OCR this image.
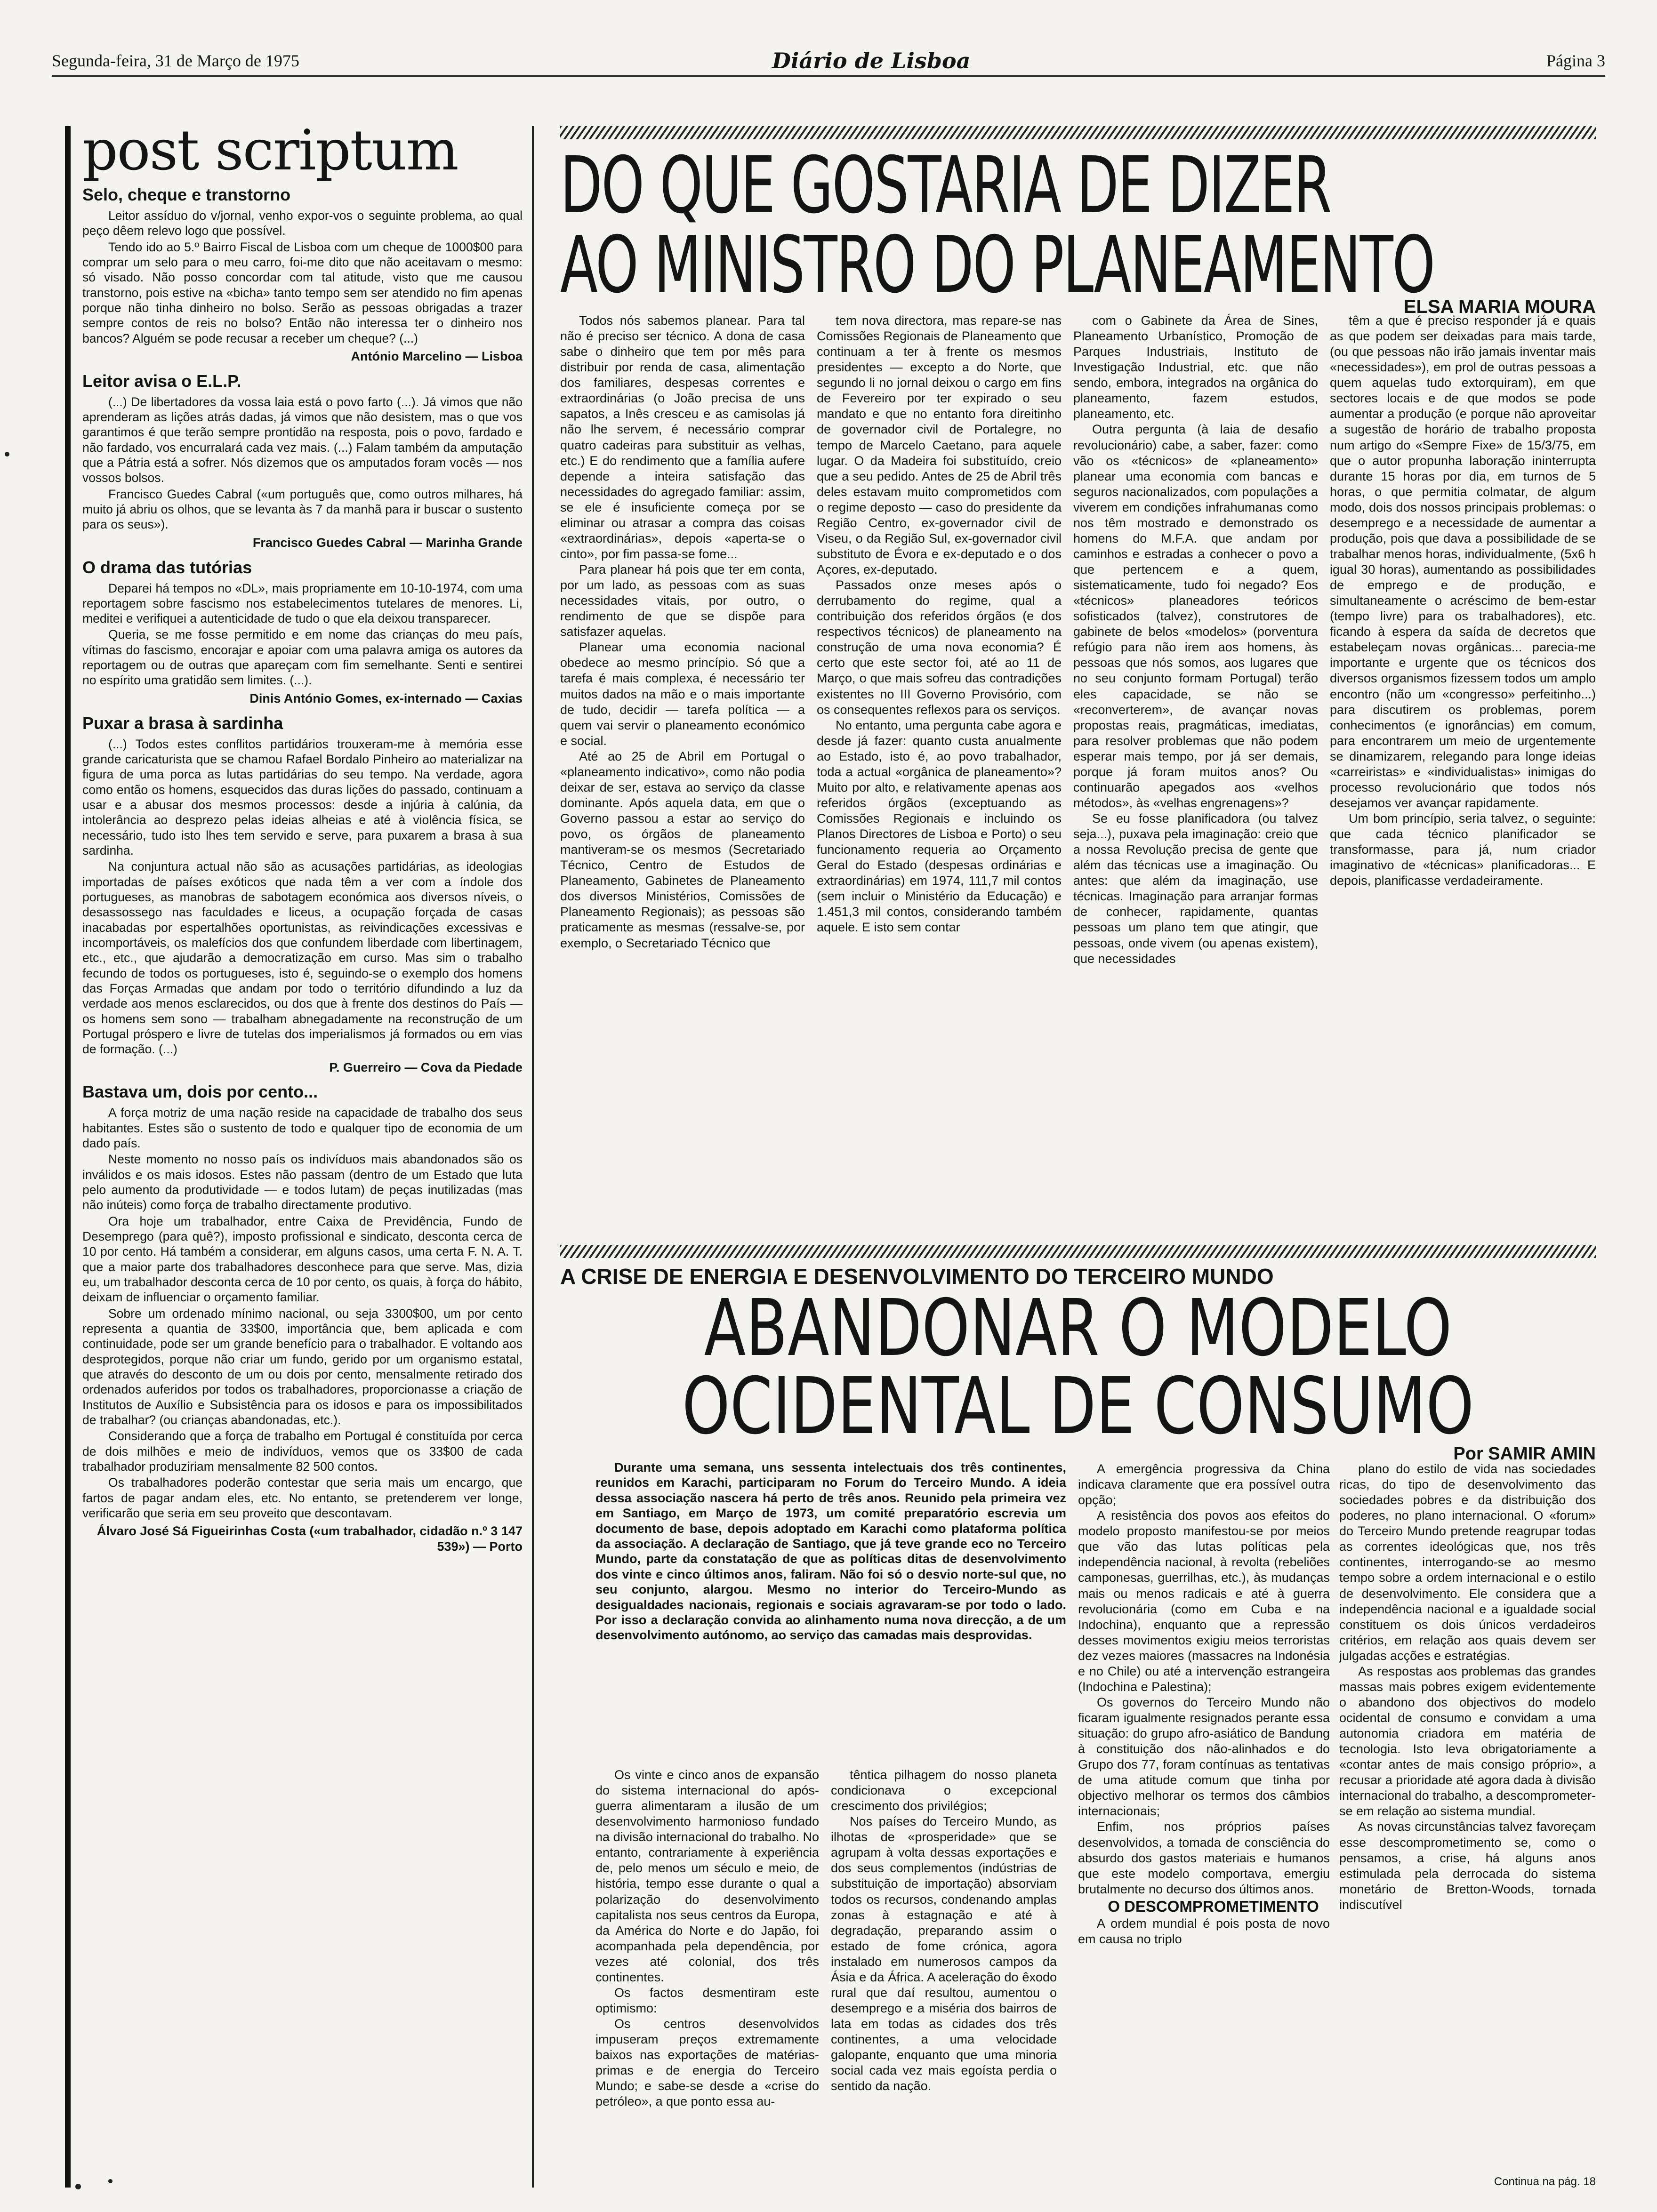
Segunda-feira, 31 de Março de 1975	Diário de Lisboa	Página 3
post scriptum
Selo, cheque e transtorno

Leitor assíduo do v/jornal, venho expor-vos o seguinte problema, ao qual peço dêem relevo logo que possível.

Tendo ido ao 5.º Bairro Fiscal de Lisboa com um cheque de 1000$00 para comprar um selo para o meu carro, foi-me dito que não aceitavam o mesmo: só visado. Não posso concordar com tal atitude, visto que me causou transtorno, pois estive na «bicha» tanto tempo sem ser atendido no fim apenas porque não tinha dinheiro no bolso. Serão as pessoas obrigadas a trazer sempre contos de reis no bolso? Então não interessa ter o dinheiro nos bancos? Alguém se pode recusar a receber um cheque? (...)

António Marcelino — Lisboa
Leitor avisa o E.L.P.

(...) De libertadores da vossa laia está o povo farto (...). Já vimos que não aprenderam as lições atrás dadas, já vimos que não desistem, mas o que vos garantimos é que terão sempre prontidão na resposta, pois o povo, fardado e não fardado, vos encurralará cada vez mais. (...) Falam também da amputação que a Pátria está a sofrer. Nós dizemos que os amputados foram vocês — nos vossos bolsos.

Francisco Guedes Cabral («um português que, como outros milhares, há muito já abriu os olhos, que se levanta às 7 da manhã para ir buscar o sustento para os seus»).

Francisco Guedes Cabral — Marinha Grande
O drama das tutórias

Deparei há tempos no «DL», mais propriamente em 10-10-1974, com uma reportagem sobre fascismo nos estabelecimentos tutelares de menores. Li, meditei e verifiquei a autenticidade de tudo o que ela deixou transparecer.

Queria, se me fosse permitido e em nome das crianças do meu país, vítimas do fascismo, encorajar e apoiar com uma palavra amiga os autores da reportagem ou de outras que apareçam com fim semelhante. Senti e sentirei no espírito uma gratidão sem limites. (...).

Dinis António Gomes, ex-internado — Caxias
Puxar a brasa à sardinha

(...) Todos estes conflitos partidários trouxeram-me à memória esse grande caricaturista que se chamou Rafael Bordalo Pinheiro ao materializar na figura de uma porca as lutas partidárias do seu tempo. Na verdade, agora como então os homens, esquecidos das duras lições do passado, continuam a usar e a abusar dos mesmos processos: desde a injúria à calúnia, da intolerância ao desprezo pelas ideias alheias e até à violência física, se necessário, tudo isto lhes tem servido e serve, para puxarem a brasa à sua sardinha.

Na conjuntura actual não são as acusações partidárias, as ideologias importadas de países exóticos que nada têm a ver com a índole dos portugueses, as manobras de sabotagem económica aos diversos níveis, o desassossego nas faculdades e liceus, a ocupação forçada de casas inacabadas por espertalhões oportunistas, as reivindicações excessivas e incomportáveis, os malefícios dos que confundem liberdade com libertinagem, etc., etc., que ajudarão a democratização em curso. Mas sim o trabalho fecundo de todos os portugueses, isto é, seguindo-se o exemplo dos homens das Forças Armadas que andam por todo o território difundindo a luz da verdade aos menos esclarecidos, ou dos que à frente dos destinos do País — os homens sem sono — trabalham abnegadamente na reconstrução de um Portugal próspero e livre de tutelas dos imperialismos já formados ou em vias de formação. (...)

P. Guerreiro — Cova da Piedade
Bastava um, dois por cento...

A força motriz de uma nação reside na capacidade de trabalho dos seus habitantes. Estes são o sustento de todo e qualquer tipo de economia de um dado país.

Neste momento no nosso país os indivíduos mais abandonados são os inválidos e os mais idosos. Estes não passam (dentro de um Estado que luta pelo aumento da produtividade — e todos lutam) de peças inutilizadas (mas não inúteis) como força de trabalho directamente produtivo.

Ora hoje um trabalhador, entre Caixa de Previdência, Fundo de Desemprego (para quê?), imposto profissional e sindicato, desconta cerca de 10 por cento. Há também a considerar, em alguns casos, uma certa F. N. A. T. que a maior parte dos trabalhadores desconhece para que serve. Mas, dizia eu, um trabalhador desconta cerca de 10 por cento, os quais, à força do hábito, deixam de influenciar o orçamento familiar.

Sobre um ordenado mínimo nacional, ou seja 3300$00, um por cento representa a quantia de 33$00, importância que, bem aplicada e com continuidade, pode ser um grande benefício para o trabalhador. E voltando aos desprotegidos, porque não criar um fundo, gerido por um organismo estatal, que através do desconto de um ou dois por cento, mensalmente retirado dos ordenados auferidos por todos os trabalhadores, proporcionasse a criação de Institutos de Auxílio e Subsistência para os idosos e para os impossibilitados de trabalhar? (ou crianças abandonadas, etc.).

Considerando que a força de trabalho em Portugal é constituída por cerca de dois milhões e meio de indivíduos, vemos que os 33$00 de cada trabalhador produziriam mensalmente 82 500 contos.

Os trabalhadores poderão contestar que seria mais um encargo, que fartos de pagar andam eles, etc. No entanto, se pretenderem ver longe, verificarão que seria em seu proveito que descontavam.

Álvaro José Sá Figueirinhas Costa («um trabalhador, cidadão n.º 3 147 539») — Porto
DO QUE GOSTARIA DE DIZER
AO MINISTRO DO PLANEAMENTO
ELSA MARIA MOURA

Todos nós sabemos planear. Para tal não é preciso ser técnico. A dona de casa sabe o dinheiro que tem por mês para distribuir por renda de casa, alimentação dos familiares, despesas correntes e extraordinárias (o João precisa de uns sapatos, a Inês cresceu e as camisolas já não lhe servem, é necessário comprar quatro cadeiras para substituir as velhas, etc.) E do rendimento que a família aufere depende a inteira satisfação das necessidades do agregado familiar: assim, se ele é insuficiente começa por se eliminar ou atrasar a compra das coisas «extraordinárias», depois «aperta-se o cinto», por fim passa-se fome...

Para planear há pois que ter em conta, por um lado, as pessoas com as suas necessidades vitais, por outro, o rendimento de que se dispõe para satisfazer aquelas.

Planear uma economia nacional obedece ao mesmo princípio. Só que a tarefa é mais complexa, é necessário ter muitos dados na mão e o mais importante de tudo, decidir — tarefa política — a quem vai servir o planeamento económico e social.

Até ao 25 de Abril em Portugal o «planeamento indicativo», como não podia deixar de ser, estava ao serviço da classe dominante. Após aquela data, em que o Governo passou a estar ao serviço do povo, os órgãos de planeamento mantiveram-se os mesmos (Secretariado Técnico, Centro de Estudos de Planeamento, Gabinetes de Planeamento dos diversos Ministérios, Comissões de Planeamento Regionais); as pessoas são praticamente as mesmas (ressalve-se, por exemplo, o Secretariado Técnico que

tem nova directora, mas repare-se nas Comissões Regionais de Planeamento que continuam a ter à frente os mesmos presidentes — excepto a do Norte, que segundo li no jornal deixou o cargo em fins de Fevereiro por ter expirado o seu mandato e que no entanto fora direitinho de governador civil de Portalegre, no tempo de Marcelo Caetano, para aquele lugar. O da Madeira foi substituído, creio que a seu pedido. Antes de 25 de Abril três deles estavam muito comprometidos com o regime deposto — caso do presidente da Região Centro, ex-governador civil de Viseu, o da Região Sul, ex-governador civil substituto de Évora e ex-deputado e o dos Açores, ex-deputado.

Passados onze meses após o derrubamento do regime, qual a contribuição dos referidos órgãos (e dos respectivos técnicos) de planeamento na construção de uma nova economia? É certo que este sector foi, até ao 11 de Março, o que mais sofreu das contradições existentes no III Governo Provisório, com os consequentes reflexos para os serviços.

No entanto, uma pergunta cabe agora e desde já fazer: quanto custa anualmente ao Estado, isto é, ao povo trabalhador, toda a actual «orgânica de planeamento»? Muito por alto, e relativamente apenas aos referidos órgãos (exceptuando as Comissões Regionais e incluindo os Planos Directores de Lisboa e Porto) o seu funcionamento requeria ao Orçamento Geral do Estado (despesas ordinárias e extraordinárias) em 1974, 111,7 mil contos (sem incluir o Ministério da Educação) e 1.451,3 mil contos, considerando também aquele. E isto sem contar

com o Gabinete da Área de Sines, Planeamento Urbanístico, Promoção de Parques Industriais, Instituto de Investigação Industrial, etc. que não sendo, embora, integrados na orgânica do planeamento, fazem estudos, planeamento, etc.

Outra pergunta (à laia de desafio revolucionário) cabe, a saber, fazer: como vão os «técnicos» de «planeamento» planear uma economia com bancas e seguros nacionalizados, com populações a viverem em condições infrahumanas como nos têm mostrado e demonstrado os homens do M.F.A. que andam por caminhos e estradas a conhecer o povo a que pertencem e a quem, sistematicamente, tudo foi negado? Eos «técnicos» planeadores teóricos sofisticados (talvez), construtores de gabinete de belos «modelos» (porventura refúgio para não irem aos homens, às pessoas que nós somos, aos lugares que no seu conjunto formam Portugal) terão eles capacidade, se não se «reconverterem», de avançar novas propostas reais, pragmáticas, imediatas, para resolver problemas que não podem esperar mais tempo, por já ser demais, porque já foram muitos anos? Ou continuarão apegados aos «velhos métodos», às «velhas engrenagens»?

Se eu fosse planificadora (ou talvez seja...), puxava pela imaginação: creio que a nossa Revolução precisa de gente que além das técnicas use a imaginação. Ou antes: que além da imaginação, use técnicas. Imaginação para arranjar formas de conhecer, rapidamente, quantas pessoas um plano tem que atingir, que pessoas, onde vivem (ou apenas existem), que necessidades

têm a que é preciso responder já e quais as que podem ser deixadas para mais tarde, (ou que pessoas não irão jamais inventar mais «necessidades»), em prol de outras pessoas a quem aquelas tudo extorquiram), em que sectores locais e de que modos se pode aumentar a produção (e porque não aproveitar a sugestão de horário de trabalho proposta num artigo do «Sempre Fixe» de 15/3/75, em que o autor propunha laboração ininterrupta durante 15 horas por dia, em turnos de 5 horas, o que permitia colmatar, de algum modo, dois dos nossos principais problemas: o desemprego e a necessidade de aumentar a produção, pois que dava a possibilidade de se trabalhar menos horas, individualmente, (5x6 h igual 30 horas), aumentando as possibilidades de emprego e de produção, e simultaneamente o acréscimo de bem-estar (tempo livre) para os trabalhadores), etc. ficando à espera da saída de decretos que estabeleçam novas orgânicas... parecia-me importante e urgente que os técnicos dos diversos organismos fizessem todos um amplo encontro (não um «congresso» perfeitinho...) para discutirem os problemas, porem conhecimentos (e ignorâncias) em comum, para encontrarem um meio de urgentemente se dinamizarem, relegando para longe ideias «carreiristas» e «individualistas» inimigas do processo revolucionário que todos nós desejamos ver avançar rapidamente.

Um bom princípio, seria talvez, o seguinte: que cada técnico planificador se transformasse, para já, num criador imaginativo de «técnicas» planificadoras... E depois, planificasse verdadeiramente.

A CRISE DE ENERGIA E DESENVOLVIMENTO DO TERCEIRO MUNDO
ABANDONAR O MODELO
OCIDENTAL DE CONSUMO
Por SAMIR AMIN

Durante uma semana, uns sessenta intelectuais dos três continentes, reunidos em Karachi, participaram no Forum do Terceiro Mundo. A ideia dessa associação nascera há perto de três anos. Reunido pela primeira vez em Santiago, em Março de 1973, um comité preparatório escrevia um documento de base, depois adoptado em Karachi como plataforma política da associação. A declaração de Santiago, que já teve grande eco no Terceiro Mundo, parte da constatação de que as políticas ditas de desenvolvimento dos vinte e cinco últimos anos, faliram. Não foi só o desvio norte-sul que, no seu conjunto, alargou. Mesmo no interior do Terceiro-Mundo as desigualdades nacionais, regionais e sociais agravaram-se por todo o lado. Por isso a declaração convida ao alinhamento numa nova direcção, a de um desenvolvimento autónomo, ao serviço das camadas mais desprovidas.

Os vinte e cinco anos de expansão do sistema internacional do após-guerra alimentaram a ilusão de um desenvolvimento harmonioso fundado na divisão internacional do trabalho. No entanto, contrariamente à experiência de, pelo menos um século e meio, de história, tempo esse durante o qual a polarização do desenvolvimento capitalista nos seus centros da Europa, da América do Norte e do Japão, foi acompanhada pela dependência, por vezes até colonial, dos três continentes.

Os factos desmentiram este optimismo:

Os centros desenvolvidos impuseram preços extremamente baixos nas exportações de matérias-primas e de energia do Terceiro Mundo; e sabe-se desde a «crise do petróleo», a que ponto essa au-

têntica pilhagem do nosso planeta condicionava o excepcional crescimento dos privilégios;

Nos países do Terceiro Mundo, as ilhotas de «prosperidade» que se agrupam à volta dessas exportações e dos seus complementos (indústrias de substituição de importação) absorviam todos os recursos, condenando amplas zonas à estagnação e até à degradação, preparando assim o estado de fome crónica, agora instalado em numerosos campos da Ásia e da África. A aceleração do êxodo rural que daí resultou, aumentou o desemprego e a miséria dos bairros de lata em todas as cidades dos três continentes, a uma velocidade galopante, enquanto que uma minoria social cada vez mais egoísta perdia o sentido da nação.

A emergência progressiva da China indicava claramente que era possível outra opção;

A resistência dos povos aos efeitos do modelo proposto manifestou-se por meios que vão das lutas políticas pela independência nacional, à revolta (rebeliões camponesas, guerrilhas, etc.), às mudanças mais ou menos radicais e até à guerra revolucionária (como em Cuba e na Indochina), enquanto que a repressão desses movimentos exigiu meios terroristas dez vezes maiores (massacres na Indonésia e no Chile) ou até a intervenção estrangeira (Indochina e Palestina);

Os governos do Terceiro Mundo não ficaram igualmente resignados perante essa situação: do grupo afro-asiático de Bandung à constituição dos não-alinhados e do Grupo dos 77, foram contínuas as tentativas de uma atitude comum que tinha por objectivo melhorar os termos dos câmbios internacionais;

Enfim, nos próprios países desenvolvidos, a tomada de consciência do absurdo dos gastos materiais e humanos que este modelo comportava, emergiu brutalmente no decurso dos últimos anos.

O DESCOMPROMETIMENTO

A ordem mundial é pois posta de novo em causa no triplo

plano do estilo de vida nas sociedades ricas, do tipo de desenvolvimento das sociedades pobres e da distribuição dos poderes, no plano internacional. O «forum» do Terceiro Mundo pretende reagrupar todas as correntes ideológicas que, nos três continentes, interrogando-se ao mesmo tempo sobre a ordem internacional e o estilo de desenvolvimento. Ele considera que a independência nacional e a igualdade social constituem os dois únicos verdadeiros critérios, em relação aos quais devem ser julgadas acções e estratégias.

As respostas aos problemas das grandes massas mais pobres exigem evidentemente o abandono dos objectivos do modelo ocidental de consumo e convidam a uma autonomia criadora em matéria de tecnologia. Isto leva obrigatoriamente a «contar antes de mais consigo próprio», a recusar a prioridade até agora dada à divisão internacional do trabalho, a descomprometer-se em relação ao sistema mundial.

As novas circunstâncias talvez favoreçam esse descomprometimento se, como o pensamos, a crise, há alguns anos estimulada pela derrocada do sistema monetário de Bretton-Woods, tornada indiscutível

Continua na pág. 18
